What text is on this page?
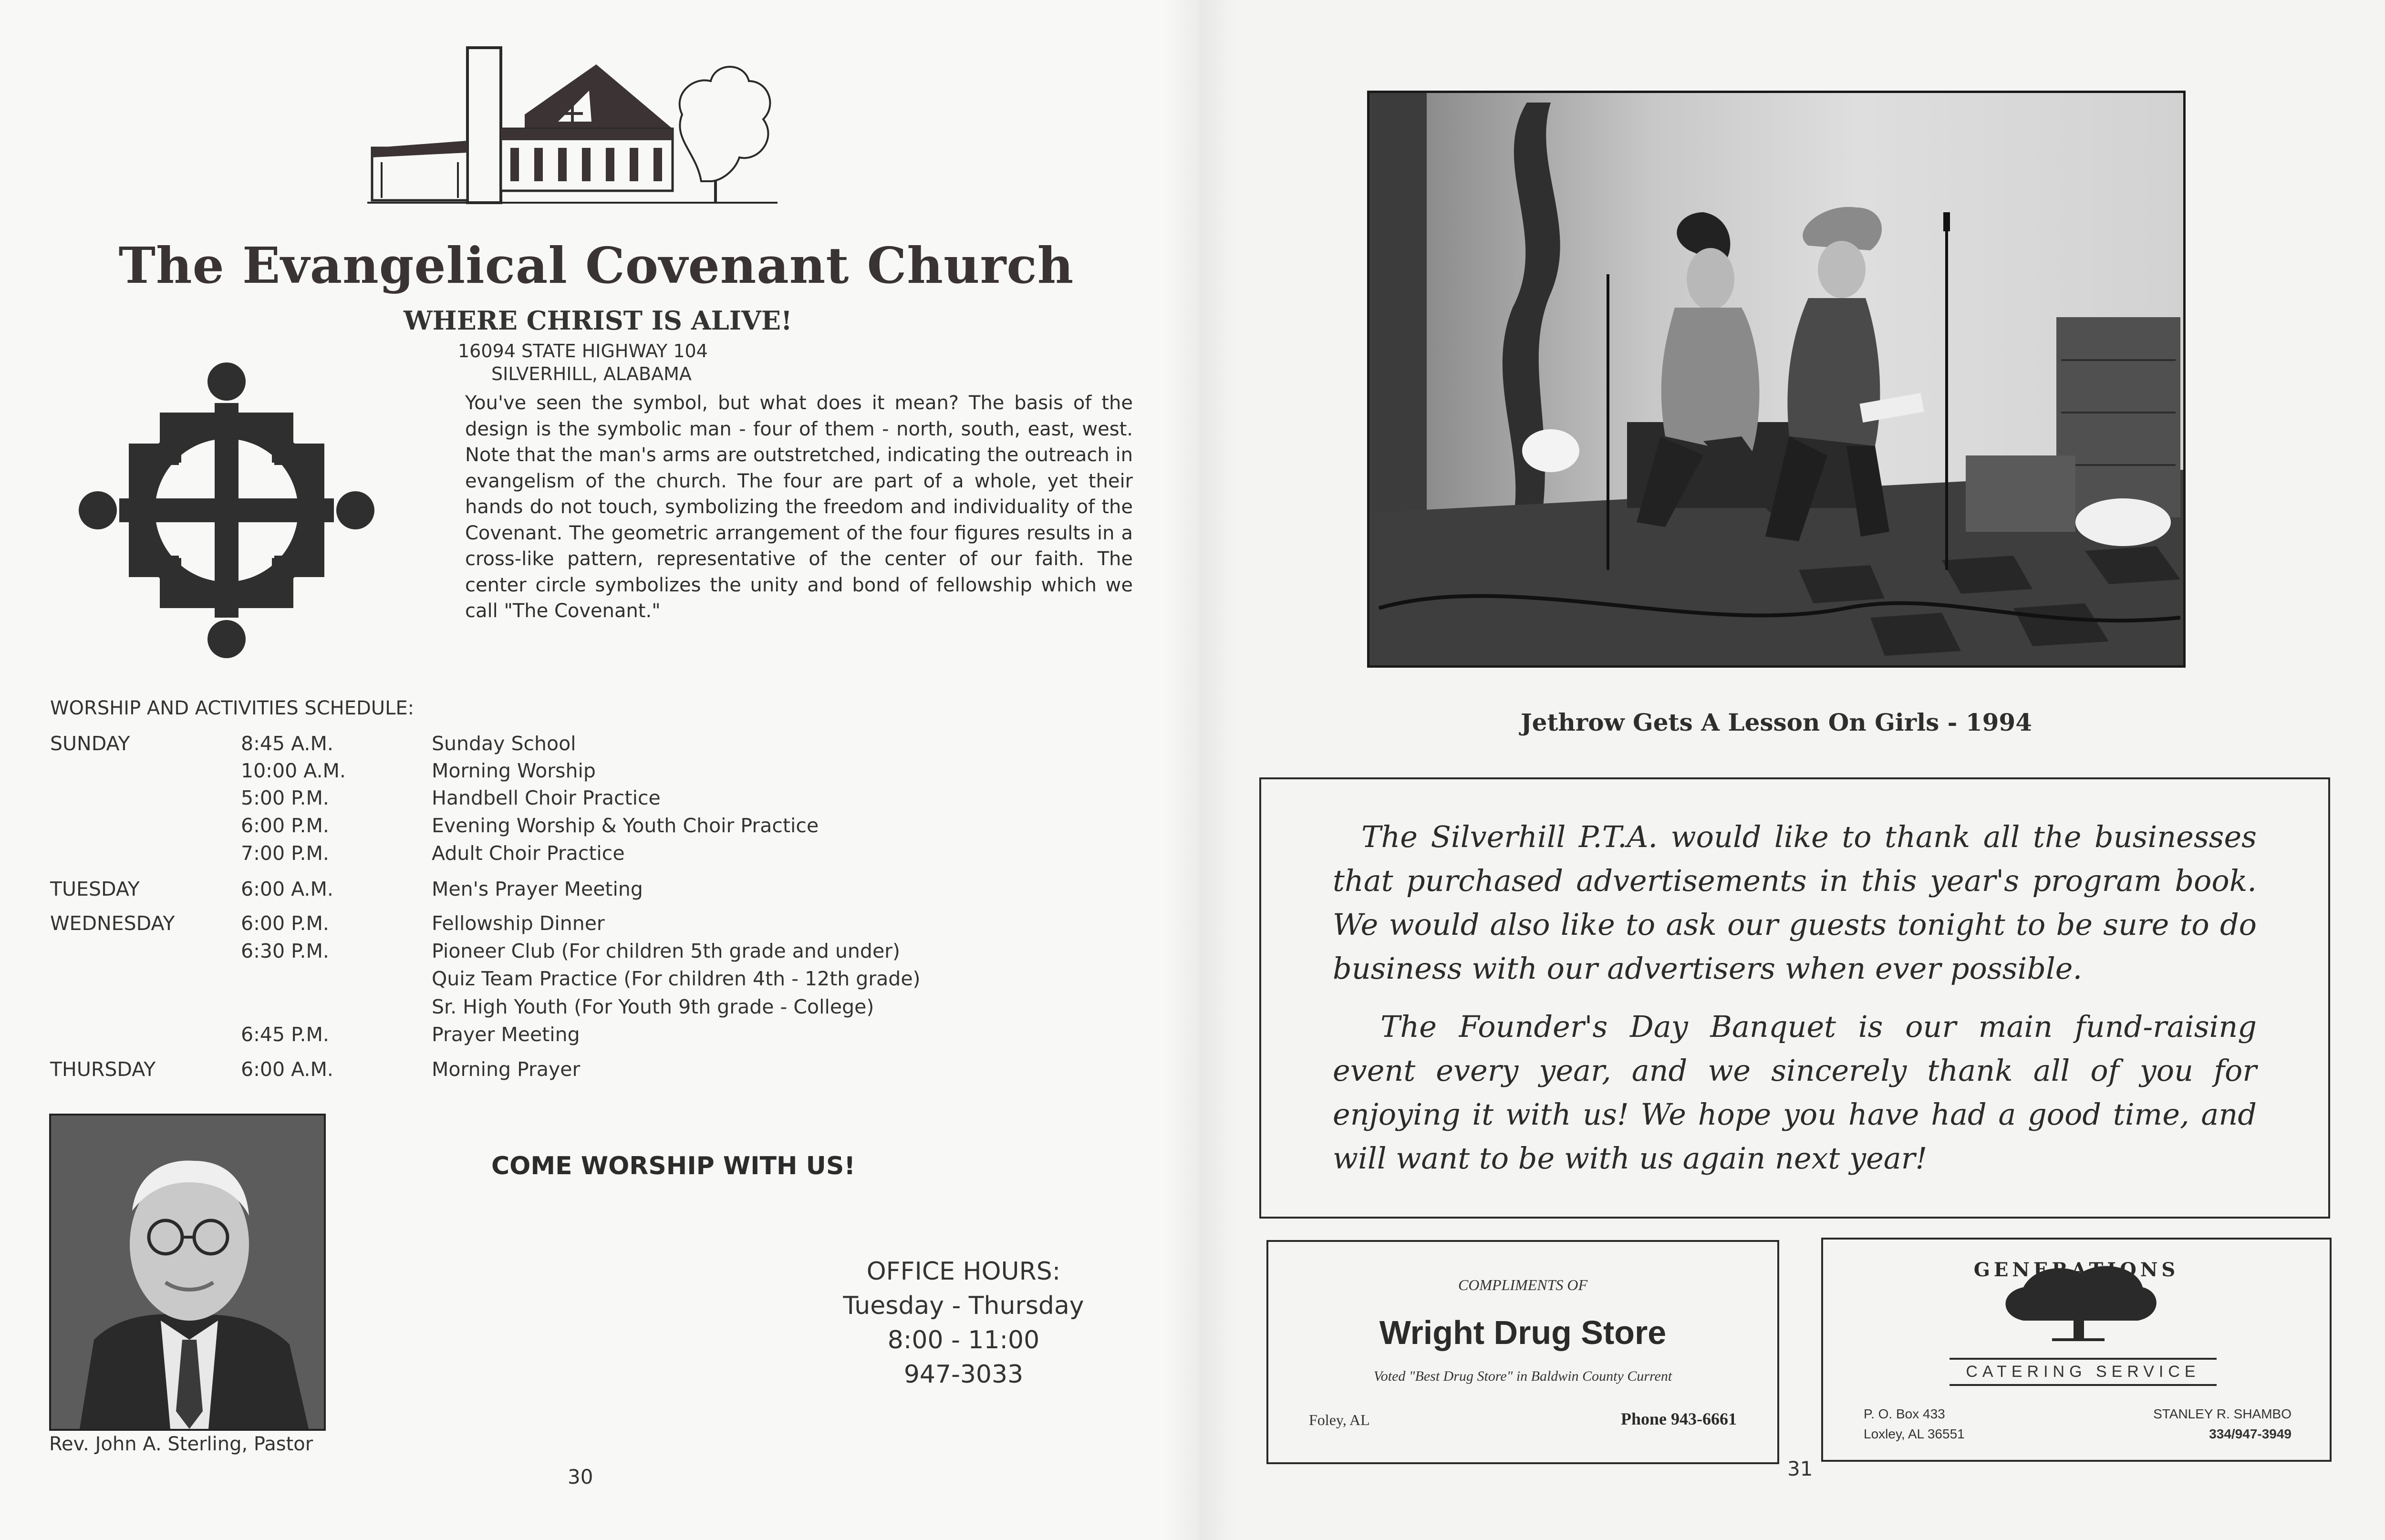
The Evangelical Covenant Church
WHERE CHRIST IS ALIVE!
16094 STATE HIGHWAY 104
SILVERHILL, ALABAMA
You've seen the symbol, but what does it mean? The basis of the design is the symbolic man - four of them - north, south, east, west. Note that the man's arms are outstretched, indicating the outreach in evangelism of the church. The four are part of a whole, yet their hands do not touch, symbolizing the freedom and individuality of the Covenant. The geometric arrangement of the four figures results in a cross-like pattern, representative of the center of our faith. The center circle symbolizes the unity and bond of fellowship which we call "The Covenant."
WORSHIP AND ACTIVITIES SCHEDULE:
SUNDAY	8:45 A.M.	Sunday School
10:00 A.M.	Morning Worship
5:00 P.M.	Handbell Choir Practice
6:00 P.M.	Evening Worship & Youth Choir Practice
7:00 P.M.	Adult Choir Practice
TUESDAY	6:00 A.M.	Men's Prayer Meeting
WEDNESDAY	6:00 P.M.	Fellowship Dinner
6:30 P.M.	Pioneer Club (For children 5th grade and under)
Quiz Team Practice (For children 4th - 12th grade)
Sr. High Youth (For Youth 9th grade - College)
6:45 P.M.	Prayer Meeting
THURSDAY	6:00 A.M.	Morning Prayer
Rev. John A. Sterling, Pastor
COME WORSHIP WITH US!
OFFICE HOURS:
Tuesday - Thursday
8:00 - 11:00
947-3033
30
Jethrow Gets A Lesson On Girls - 1994

The Silverhill P.T.A. would like to thank all the businesses that purchased advertisements in this year's program book. We would also like to ask our guests tonight to be sure to do business with our advertisers when ever possible.

The Founder's Day Banquet is our main fund-raising event every year, and we sincerely thank all of you for enjoying it with us! We hope you have had a good time, and will want to be with us again next year!

COMPLIMENTS OF
Wright Drug Store
Voted "Best Drug Store" in Baldwin County Current
Foley, AL	Phone 943-6661
GENERATIONS
CATERING SERVICE
P. O. Box 433
Loxley, AL 36551
STANLEY R. SHAMBO
334/947-3949
31
